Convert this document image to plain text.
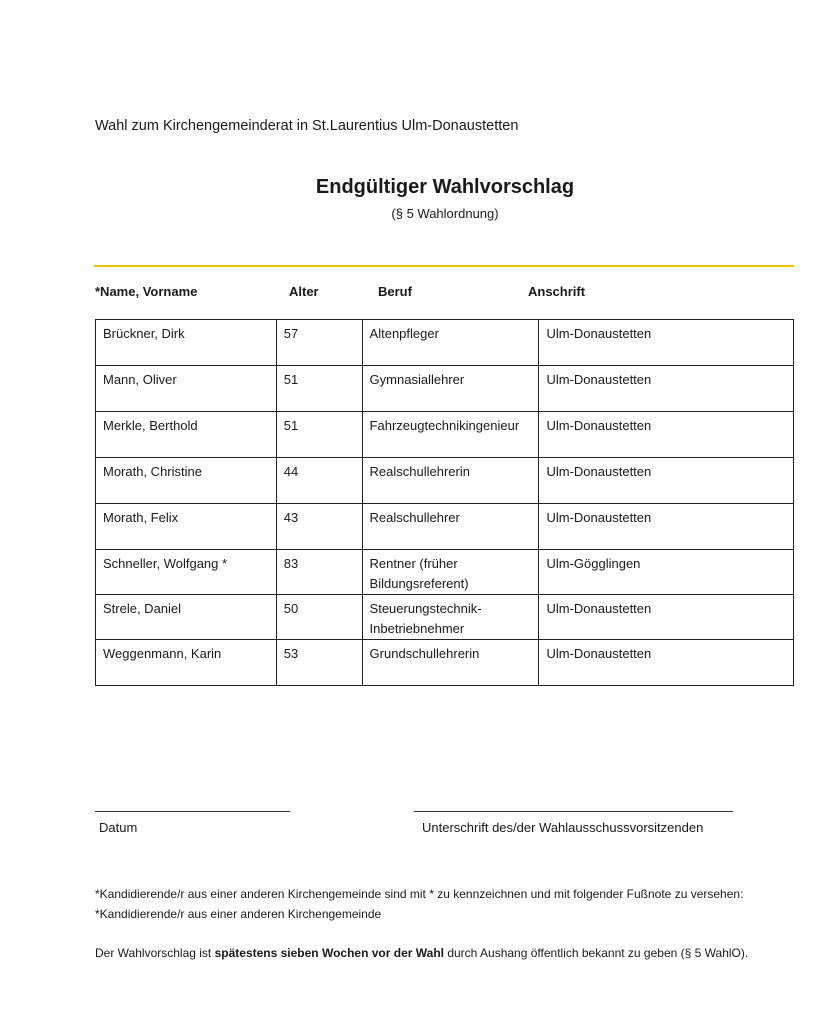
Wahl zum Kirchengemeinderat in St.Laurentius Ulm-Donaustetten
Endgültiger Wahlvorschlag
(§ 5 Wahlordnung)
*Name, Vorname	Alter	Beruf	Anschrift
Brückner, Dirk	57	Altenpfleger	Ulm-Donaustetten
Mann, Oliver	51	Gymnasiallehrer	Ulm-Donaustetten
Merkle, Berthold	51	Fahrzeugtechnikingenieur	Ulm-Donaustetten
Morath, Christine	44	Realschullehrerin	Ulm-Donaustetten
Morath, Felix	43	Realschullehrer	Ulm-Donaustetten
Schneller, Wolfgang *	83	Rentner (früher Bildungsreferent)	Ulm-Gögglingen
Strele, Daniel	50	Steuerungstechnik-Inbetriebnehmer	Ulm-Donaustetten
Weggenmann, Karin	53	Grundschullehrerin	Ulm-Donaustetten
Datum	Unterschrift des/der Wahlausschussvorsitzenden
*Kandidierende/r aus einer anderen Kirchengemeinde sind mit * zu kennzeichnen und mit folgender Fußnote zu versehen:
*Kandidierende/r aus einer anderen Kirchengemeinde
Der Wahlvorschlag ist spätestens sieben Wochen vor der Wahl durch Aushang öffentlich bekannt zu geben (§ 5 WahlO).
